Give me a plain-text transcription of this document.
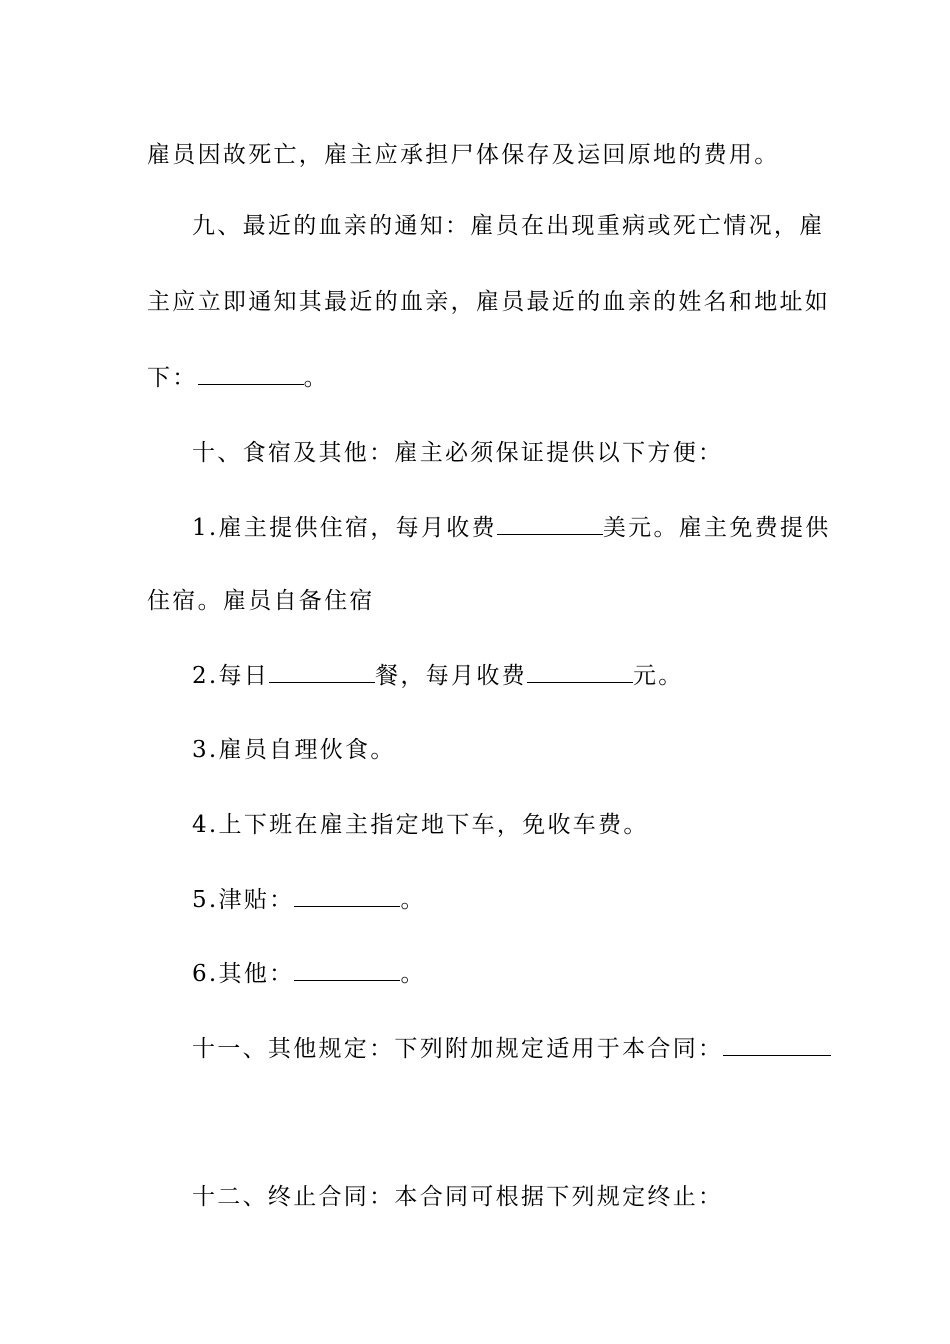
雇员因故死亡，雇主应承担尸体保存及运回原地的费用。

九、最近的血亲的通知：雇员在出现重病或死亡情况，雇

主应立即通知其最近的血亲，雇员最近的血亲的姓名和地址如

下：	。

十、食宿及其他：雇主必须保证提供以下方便：

1.雇主提供住宿，每月收费	美元。雇主免费提供

住宿。雇员自备住宿

2.每日	餐，每月收费	元。

3.雇员自理伙食。

4.上下班在雇主指定地下车，免收车费。

5.津贴：	。

6.其他：	。

十一、其他规定：下列附加规定适用于本合同：

十二、终止合同：本合同可根据下列规定终止：
